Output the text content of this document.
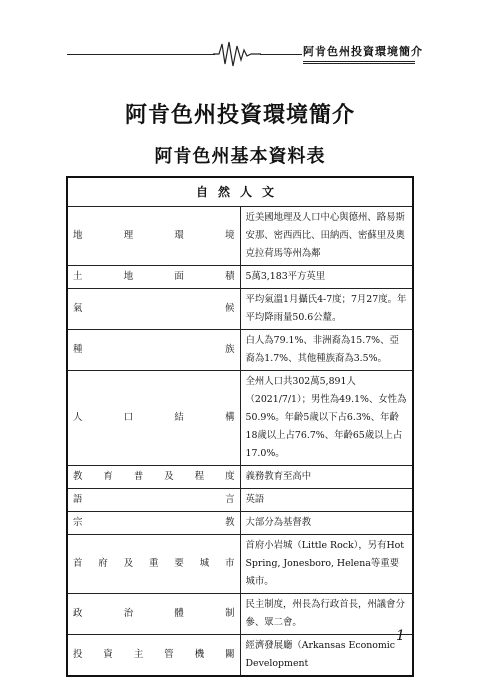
阿肯色州投資環境簡介
阿肯色州投資環境簡介
阿肯色州基本資料表
自然人文	

地理環境	近美國地理及人口中心與德州、路易斯安那、密西西比、田納西、密蘇里及奧克拉荷馬等州為鄰

土地面積	5萬3,183平方英里

氣候	平均氣溫1月攝氏4-7度；7月27度。年平均降雨量50.6公釐。

種族	白人為79.1%、非洲裔為15.7%、亞裔為1.7%、其他種族裔為3.5%。

人口結構	全州人口共302萬5,891人（2021/7/1）；男性為49.1%、女性為50.9%。年齡5歲以下占6.3%、年齡18歲以上占76.7%、年齡65歲以上占17.0%。

教育普及程度	義務教育至高中

語言	英語

宗教	大部分為基督教

首府及重要城市	首府小岩城（Little Rock），另有Hot Spring, Jonesboro, Helena等重要城市。

政治體制	民主制度，州長為行政首長，州議會分參、眾二會。

投資主管機關	經濟發展廳（Arkansas Economic Development
1
